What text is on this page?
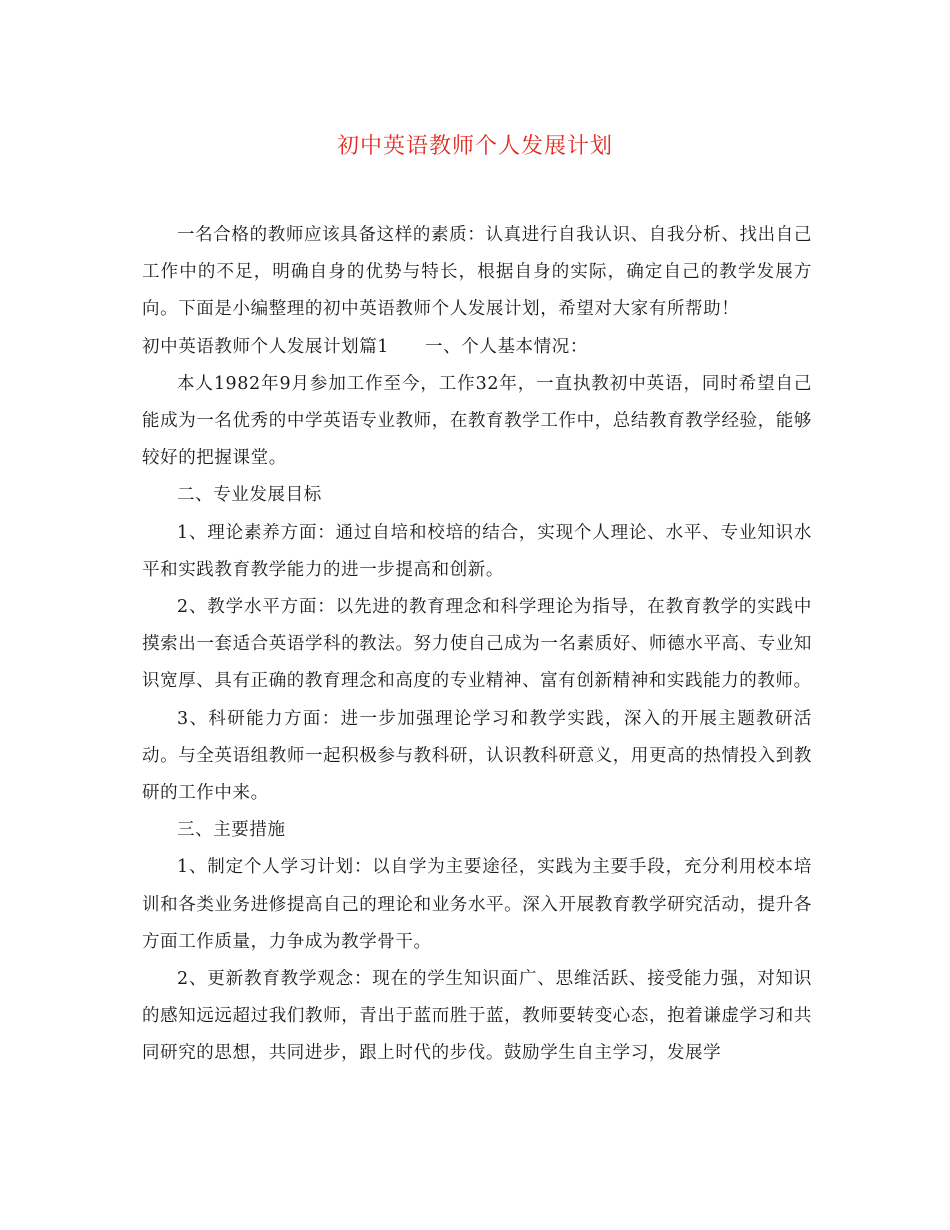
初中英语教师个人发展计划

一名合格的教师应该具备这样的素质：认真进行自我认识、自我分析、找出自己工作中的不足，明确自身的优势与特长，根据自身的实际，确定自己的教学发展方向。下面是小编整理的初中英语教师个人发展计划，希望对大家有所帮助！

初中英语教师个人发展计划篇1 一、个人基本情况：

本人1982年9月参加工作至今，工作32年，一直执教初中英语，同时希望自己能成为一名优秀的中学英语专业教师，在教育教学工作中，总结教育教学经验，能够较好的把握课堂。

二、专业发展目标

1、理论素养方面：通过自培和校培的结合，实现个人理论、水平、专业知识水平和实践教育教学能力的进一步提高和创新。

2、教学水平方面：以先进的教育理念和科学理论为指导，在教育教学的实践中摸索出一套适合英语学科的教法。努力使自己成为一名素质好、师德水平高、专业知识宽厚、具有正确的教育理念和高度的专业精神、富有创新精神和实践能力的教师。

3、科研能力方面：进一步加强理论学习和教学实践，深入的开展主题教研活动。与全英语组教师一起积极参与教科研，认识教科研意义，用更高的热情投入到教研的工作中来。

三、主要措施

1、制定个人学习计划：以自学为主要途径，实践为主要手段，充分利用校本培训和各类业务进修提高自己的理论和业务水平。深入开展教育教学研究活动，提升各方面工作质量，力争成为教学骨干。

2、更新教育教学观念：现在的学生知识面广、思维活跃、接受能力强，对知识的感知远远超过我们教师，青出于蓝而胜于蓝，教师要转变心态，抱着谦虚学习和共同研究的思想，共同进步，跟上时代的步伐。鼓励学生自主学习，发展学
